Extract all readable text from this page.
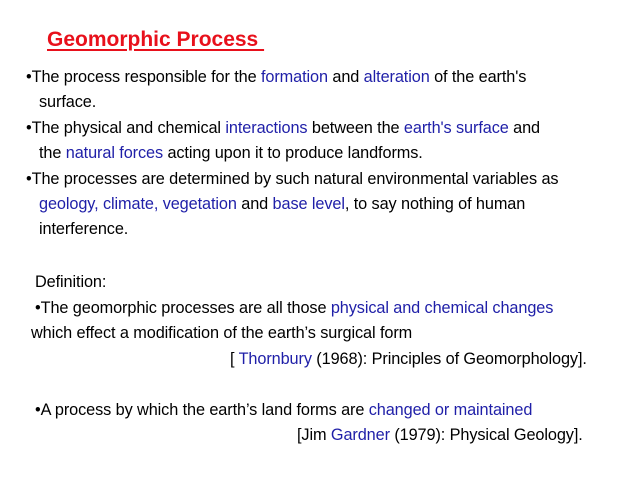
Geomorphic Process
•The process responsible for the formation and alteration of the earth's
surface.
•The physical and chemical interactions between the earth's surface and
the natural forces acting upon it to produce landforms.
•The processes are determined by such natural environmental variables as
geology, climate, vegetation and base level, to say nothing of human
interference.
Definition:
•The geomorphic processes are all those physical and chemical changes
which effect a modification of the earth’s surgical form
[ Thornbury (1968): Principles of Geomorphology].
•A process by which the earth’s land forms are changed or maintained
[Jim Gardner (1979): Physical Geology].
